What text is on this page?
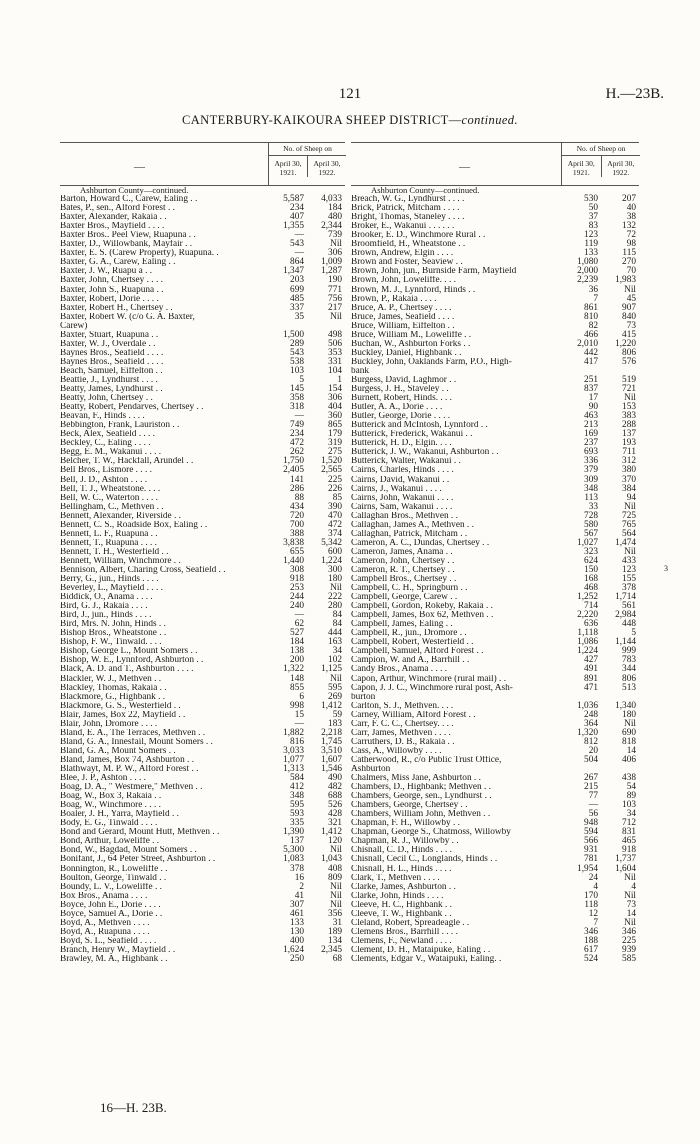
121	H.—23B.
CANTERBURY-KAIKOURA SHEEP DISTRICT—continued.
—
No. of Sheep on
April 30, 1921.
April 30, 1922.
Ashburton County—continued.
Barton, Howard C., Carew, Ealing . .	5,587 4,033
Bates, P., sen., Alford Forest . .	234	184
Baxter, Alexander, Rakaia . .	407	480
Baxter Bros., Mayfield . . . .	1,355 2,344
Baxter Bros.. Peel View, Ruapuna . .	—	739
Baxter, D., Willowbank, Mayfair . .	543	Nil
Baxter, E. S. (Carew Property), Ruapuna. .	—	306
Baxter, G. A., Carew, Ealing . .	864 1,009
Baxter, J. W., Ruapu a . .	1,347 1,287
Baxter, John, Chertsey . . . .	203	190
Baxter, John S., Ruapuna . .	699	771
Baxter, Robert, Dorie . . . .	485	756
Baxter, Robert H., Chertsey . .	337	217
Baxter, Robert W. (c/o G. A. Baxter,	35	Nil
Carew)
Baxter, Stuart, Ruapuna . .	1,500	498
Baxter, W. J., Overdale . .	289	506
Baynes Bros., Seafield . . . .	543	353
Baynes Bros., Seafield . . . .	538	331
Beach, Samuel, Eiffelton . .	103	104
Beattie, J., Lyndhurst . . . .	5	1
Beatty, James, Lyndhurst . .	145	154
Beatty, John, Chertsey . .	358	306
Beatty, Robert, Pendarves, Chertsey . .	318	404
Beavan, F., Hinds . . . .	—	360
Bebbington, Frank, Lauriston . .	749	865
Beck, Alex, Seafield . . . .	234	179
Beckley, C., Ealing . . . .	472	319
Begg, E. M., Wakanui . . . .	262	275
Belcher, T. W., Hackfall, Arundel . .	1,750 1,520
Bell Bros., Lismore . . . .	2,405 2,565
Bell, J. D., Ashton . . . .	141	225
Bell, T. J., Wheatstone. . . .	286	226
Bell, W. C., Waterton . . . .	88	85
Bellingham, C., Methven . .	434	390
Bennett, Alexander, Riverside . .	720	470
Bennett, C. S., Roadside Box, Ealing . .	700	472
Bennett, L. F., Ruapuna . .	388	374
Bennett, T., Ruapuna . . . .	3,838 5,342
Bennett, T. H., Westerfield . .	655	600
Bennett, William, Winchmore . .	1,440 1,224
Bennison, Albert, Charing Cross, Seafield . .	308	300
Berry, G., jun., Hinds . . . .	918	180
Beverley, L., Mayfield . . . .	253	Nil
Biddick, O., Anama . . . .	244	222
Bird, G. J., Rakaia . . . .	240	280
Bird, J., jun., Hinds . . . .	—	84
Bird, Mrs. N. John, Hinds . .	62	84
Bishop Bros., Wheatstone . .	527	444
Bishop, F. W., Tinwald. . . .	184	163
Bishop, George L., Mount Somers . .	138	34
Bishop, W. E., Lynnford, Ashburton . .	200	102
Black, A. D. and T., Ashburton . . . .	1,322 1,125
Blackler, W. J., Methven . .	148	Nil
Blackley, Thomas, Rakaia . .	855	595
Blackmore, G., Highbank . .	6	269
Blackmore, G. S., Westerfield . .	998 1,412
Blair, James, Box 22, Mayfield . .	15	59
Blair, John, Dromore . . . .	—	183
Bland, E. A., The Terraces, Methven . .	1,882 2,218
Bland, G. A., Innesfail, Mount Somers . .	816 1,745
Bland, G. A., Mount Somers . .	3,033 3,510
Bland, James, Box 74, Ashburton . .	1,077 1,607
Blathwayt, M. P. W., Alford Forest . .	1,313 1,546
Blee, J. P., Ashton . . . .	584	490
Boag, D. A., " Westmere," Methven . .	412	482
Boag, W., Box 3, Rakaia . .	348	688
Boag, W., Winchmore . . . .	595	526
Boaler, J. H., Yarra, Mayfield . .	593	428
Body, E. G., Tinwald . . . .	335	321
Bond and Gerard, Mount Hutt, Methven . .	1,390 1,412
Bond, Arthur, Loweliffe . .	137	120
Bond, W., Bagdad, Mount Somers . .	5,300	Nil
Bonifant, J., 64 Peter Street, Ashburton . .	1,083 1,043
Bonnington, R., Loweliffe . .	378	408
Boulton, George, Tinwald . .	16	809
Boundy, L. V., Loweliffe . .	2	Nil
Box Bros., Anama . . . .	41	Nil
Boyce, John E., Dorie . . . .	307	Nil
Boyce, Samuel A., Dorie . .	461	356
Boyd, A., Methven . . . .	133	31
Boyd, A., Ruapuna . . . .	130	189
Boyd, S. L., Seafield . . . .	400	134
Branch, Henry W., Mayfield . .	1,624 2,345
Brawley, M. A., Highbank . .	250	68
—
No. of Sheep on
April 30, 1921.
April 30, 1922.
Ashburton County—continued.
Breach, W. G., Lyndhurst . . . .	530	207
Brick, Patrick, Mitcham . . . .	50	40
Bright, Thomas, Staneley . . . .	37	38
Broker, E., Wakanui . . . . . .	83	132
Brooker, E. D., Winchmore Rural . .	123	72
Broomfield, H., Wheatstone . .	119	98
Brown, Andrew, Elgin . . . .	133	115
Brown and Foster, Seaview . .	1,080	270
Brown, John, jun., Burnside Farm, Mayfield	2,000	70
Brown, John, Loweliffe. . . .	2,239 1,983
Brown, M. J., Lynnford, Hinds . .	36	Nil
Brown, P., Rakaia . . . .	7	45
Bruce, A. P., Chertsey . . . .	861	907
Bruce, James, Seafield . . . .	810	840
Bruce, William, Eiffelton . .	82	73
Bruce, William M., Loweliffe . .	466	415
Buchan, W., Ashburton Forks . .	2,010 1,220
Buckley, Daniel, Highbank . .	442	806
Buckley, John, Oaklands Farm, P.O., High-	417	576
bank
Burgess, David, Laghmor . .	251	519
Burgess, J. H., Staveley . .	837	721
Burnett, Robert, Hinds. . . .	17	Nil
Butler, A. A., Dorie . . . .	90	153
Butler, George, Dorie . . . .	463	383
Butterick and McIntosh, Lynnford . .	213	288
Butterick, Frederick, Wakanui . .	169	137
Butterick, H. D., Elgin. . . .	237	193
Butterick, J. W., Wakanui, Ashburton . .	693	711
Butterick, Walter, Wakanui . .	336	312
Cairns, Charles, Hinds . . . .	379	380
Cairns, David, Wakanui . .	309	370
Cairns, J., Wakanui . . . .	348	384
Cairns, John, Wakanui . . . .	113	94
Cairns, Sam, Wakanui . . . .	33	Nil
Callaghan Bros., Methven . .	728	725
Callaghan, James A., Methven . .	580	765
Callaghan, Patrick, Mitcham . .	567	564
Cameron, A. C., Dundas, Chertsey . .	1,027 1,474
Cameron, James, Anama . .	323	Nil
Cameron, John, Chertsey . .	624	433
Cameron, R. T., Chertsey . .	150	123
Campbell Bros., Chertsey . .	168	155
Campbell, C. H., Springburn . .	468	378
Campbell, George, Carew . .	1,252 1,714
Campbell, Gordon, Rokeby, Rakaia . .	714	561
Campbell, James, Box 62, Methven . .	2,220 2,984
Campbell, James, Ealing . .	636	448
Campbell, R., jun., Dromore . .	1,118	5
Campbell, Robert, Westerfield . .	1,086 1,144
Campbell, Samuel, Alford Forest . .	1,224	999
Campion, W. and A., Barrhill . .	427	783
Candy Bros., Anama . . . .	491	344
Capon, Arthur, Winchmore (rural mail) . .	891	806
Capon, J. J. C., Winchmore rural post, Ash-	471	513
burton
Carlton, S. J., Methven. . . .	1,036 1,340
Carney, William, Alford Forest . .	248	180
Carr, F. C. C., Chertsey. . . .	364	Nil
Carr, James, Methven . . . .	1,320	690
Carruthers, D. B., Rakaia . .	812	818
Cass, A., Willowby . . . .	20	14
Catherwood, R., c/o Public Trust Office,	504	406
Ashburton
Chalmers, Miss Jane, Ashburton . .	267	438
Chambers, D., Highbank; Methven . .	215	54
Chambers, George, sen., Lyndhurst . .	77	89
Chambers, George, Chertsey . .	—	103
Chambers, William John, Methven . .	56	34
Chapman, F. H., Willowby . .	948	712
Chapman, George S., Chatmoss, Willowby	594	831
Chapman, R. J., Willowby . .	566	465
Chisnall, C. D., Hinds . . . .	931	918
Chisnall, Cecil C., Longlands, Hinds . .	781 1,737
Chisnall, H. L., Hinds . . . .	1,954 1,604
Clark, T., Methven . . . .	24	Nil
Clarke, James, Ashburton . .	4	4
Clarke, John, Hinds . . . .	170	Nil
Cleeve, H. C., Highbank . .	118	73
Cleeve, T. W., Highbank . .	12	14
Cleland, Robert, Spreadeagle . .	7	Nil
Clemens Bros., Barrhill . . . .	346	346
Clemens, F., Newland . . . .	188	225
Clement, D. H., Mataipuke, Ealing . .	617	939
Clements, Edgar V., Wataipuki, Ealing. .	524	585
16—H. 23B.
3
